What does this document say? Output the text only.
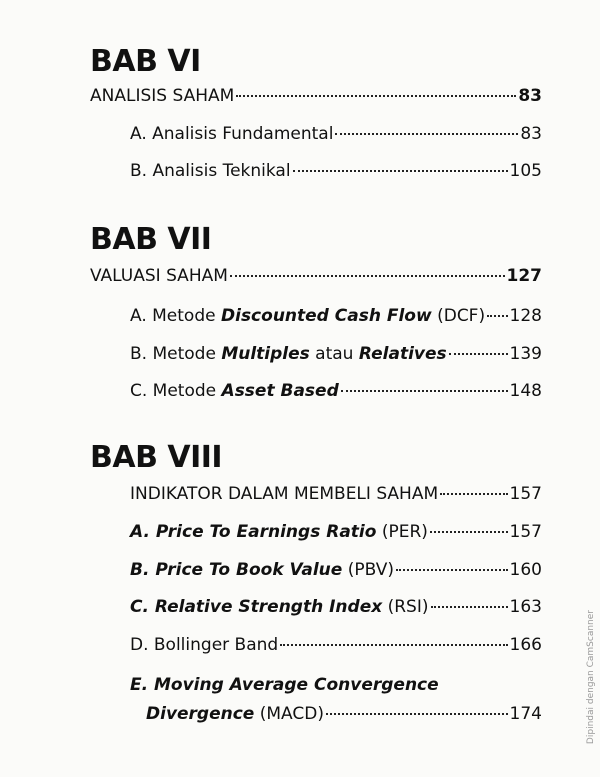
BAB VI
ANALISIS SAHAM	83
A. Analisis Fundamental	83
B. Analisis Teknikal	105
BAB VII
VALUASI SAHAM	127
A. Metode Discounted Cash Flow (DCF) 128
B. Metode Multiples atau Relatives	139
C. Metode Asset Based	148
BAB VIII
INDIKATOR DALAM MEMBELI SAHAM	157
A. Price To Earnings Ratio (PER)	157
B. Price To Book Value (PBV)	160
C. Relative Strength Index (RSI)	163
D. Bollinger Band	166
E. Moving Average Convergence
Divergence (MACD)	174	Dipindai dengan CamScanner
